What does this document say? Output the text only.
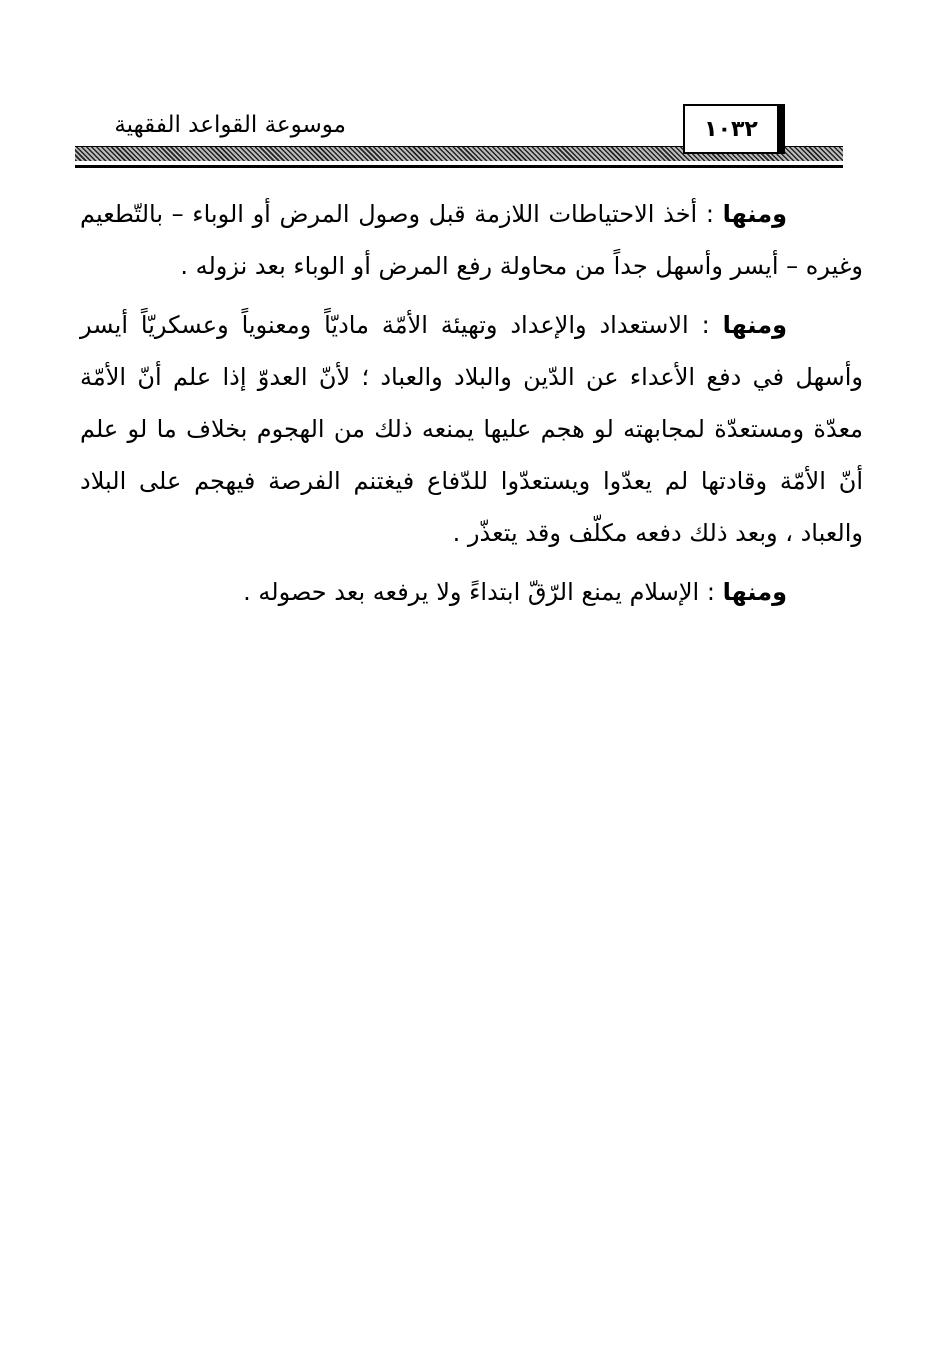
موسوعة القواعد الفقهية	١٠٣٢

ومنها : أخذ الاحتياطات اللازمة قبل وصول المرض أو الوباء – بالتّطعيم وغيره – أيسر وأسهل جداً من محاولة رفع المرض أو الوباء بعد نزوله .

ومنها : الاستعداد والإعداد وتهيئة الأمّة ماديّاً ومعنوياً وعسكريّاً أيسر وأسهل في دفع الأعداء عن الدّين والبلاد والعباد ؛ لأنّ العدوّ إذا علم أنّ الأمّة معدّة ومستعدّة لمجابهته لو هجم عليها يمنعه ذلك من الهجوم بخلاف ما لو علم أنّ الأمّة وقادتها لم يعدّوا ويستعدّوا للدّفاع فيغتنم الفرصة فيهجم على البلاد والعباد ، وبعد ذلك دفعه مكلّف وقد يتعذّر .

ومنها : الإسلام يمنع الرّقّ ابتداءً ولا يرفعه بعد حصوله .
